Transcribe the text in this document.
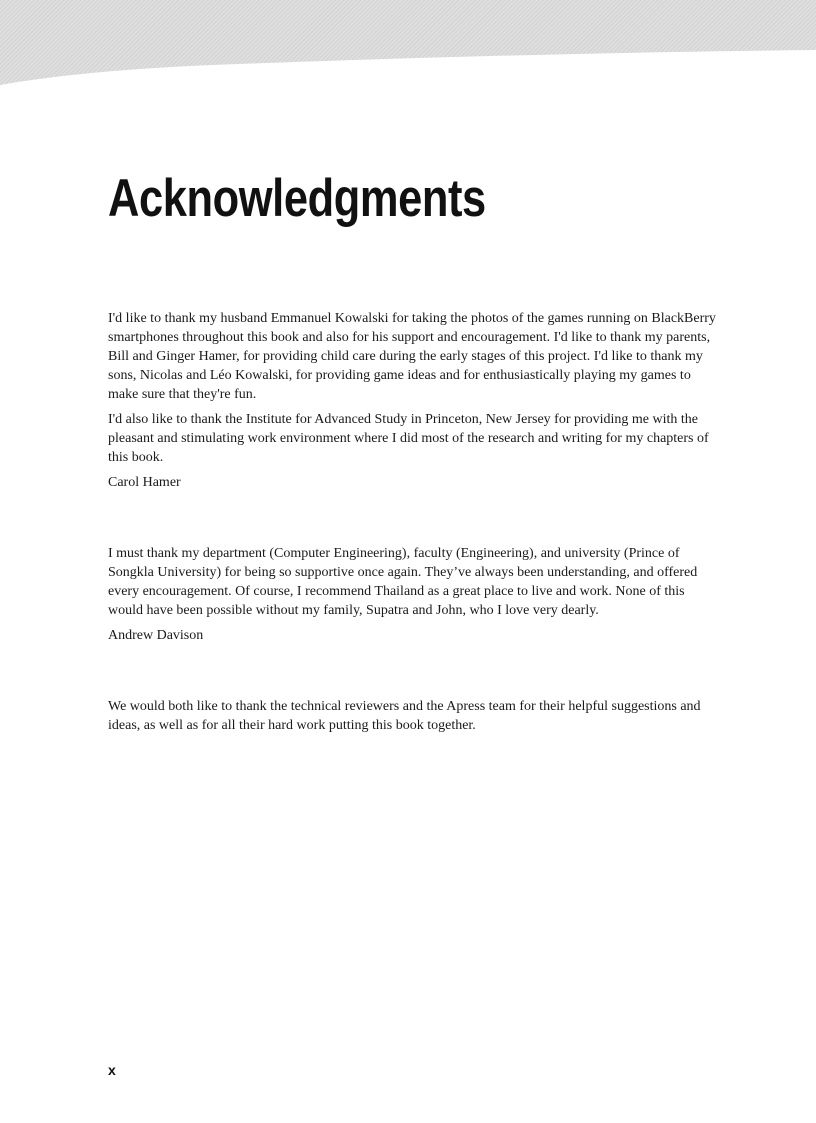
Acknowledgments

I'd like to thank my husband Emmanuel Kowalski for taking the photos of the games running on BlackBerry smartphones throughout this book and also for his support and encouragement. I'd like to thank my parents, Bill and Ginger Hamer, for providing child care during the early stages of this project. I'd like to thank my sons, Nicolas and Léo Kowalski, for providing game ideas and for enthusiastically playing my games to make sure that they're fun.

I'd also like to thank the Institute for Advanced Study in Princeton, New Jersey for providing me with the pleasant and stimulating work environment where I did most of the research and writing for my chapters of this book.

Carol Hamer

I must thank my department (Computer Engineering), faculty (Engineering), and university (Prince of Songkla University) for being so supportive once again. They’ve always been understanding, and offered every encouragement. Of course, I recommend Thailand as a great place to live and work. None of this would have been possible without my family, Supatra and John, who I love very dearly.

Andrew Davison

We would both like to thank the technical reviewers and the Apress team for their helpful suggestions and ideas, as well as for all their hard work putting this book together.

x
